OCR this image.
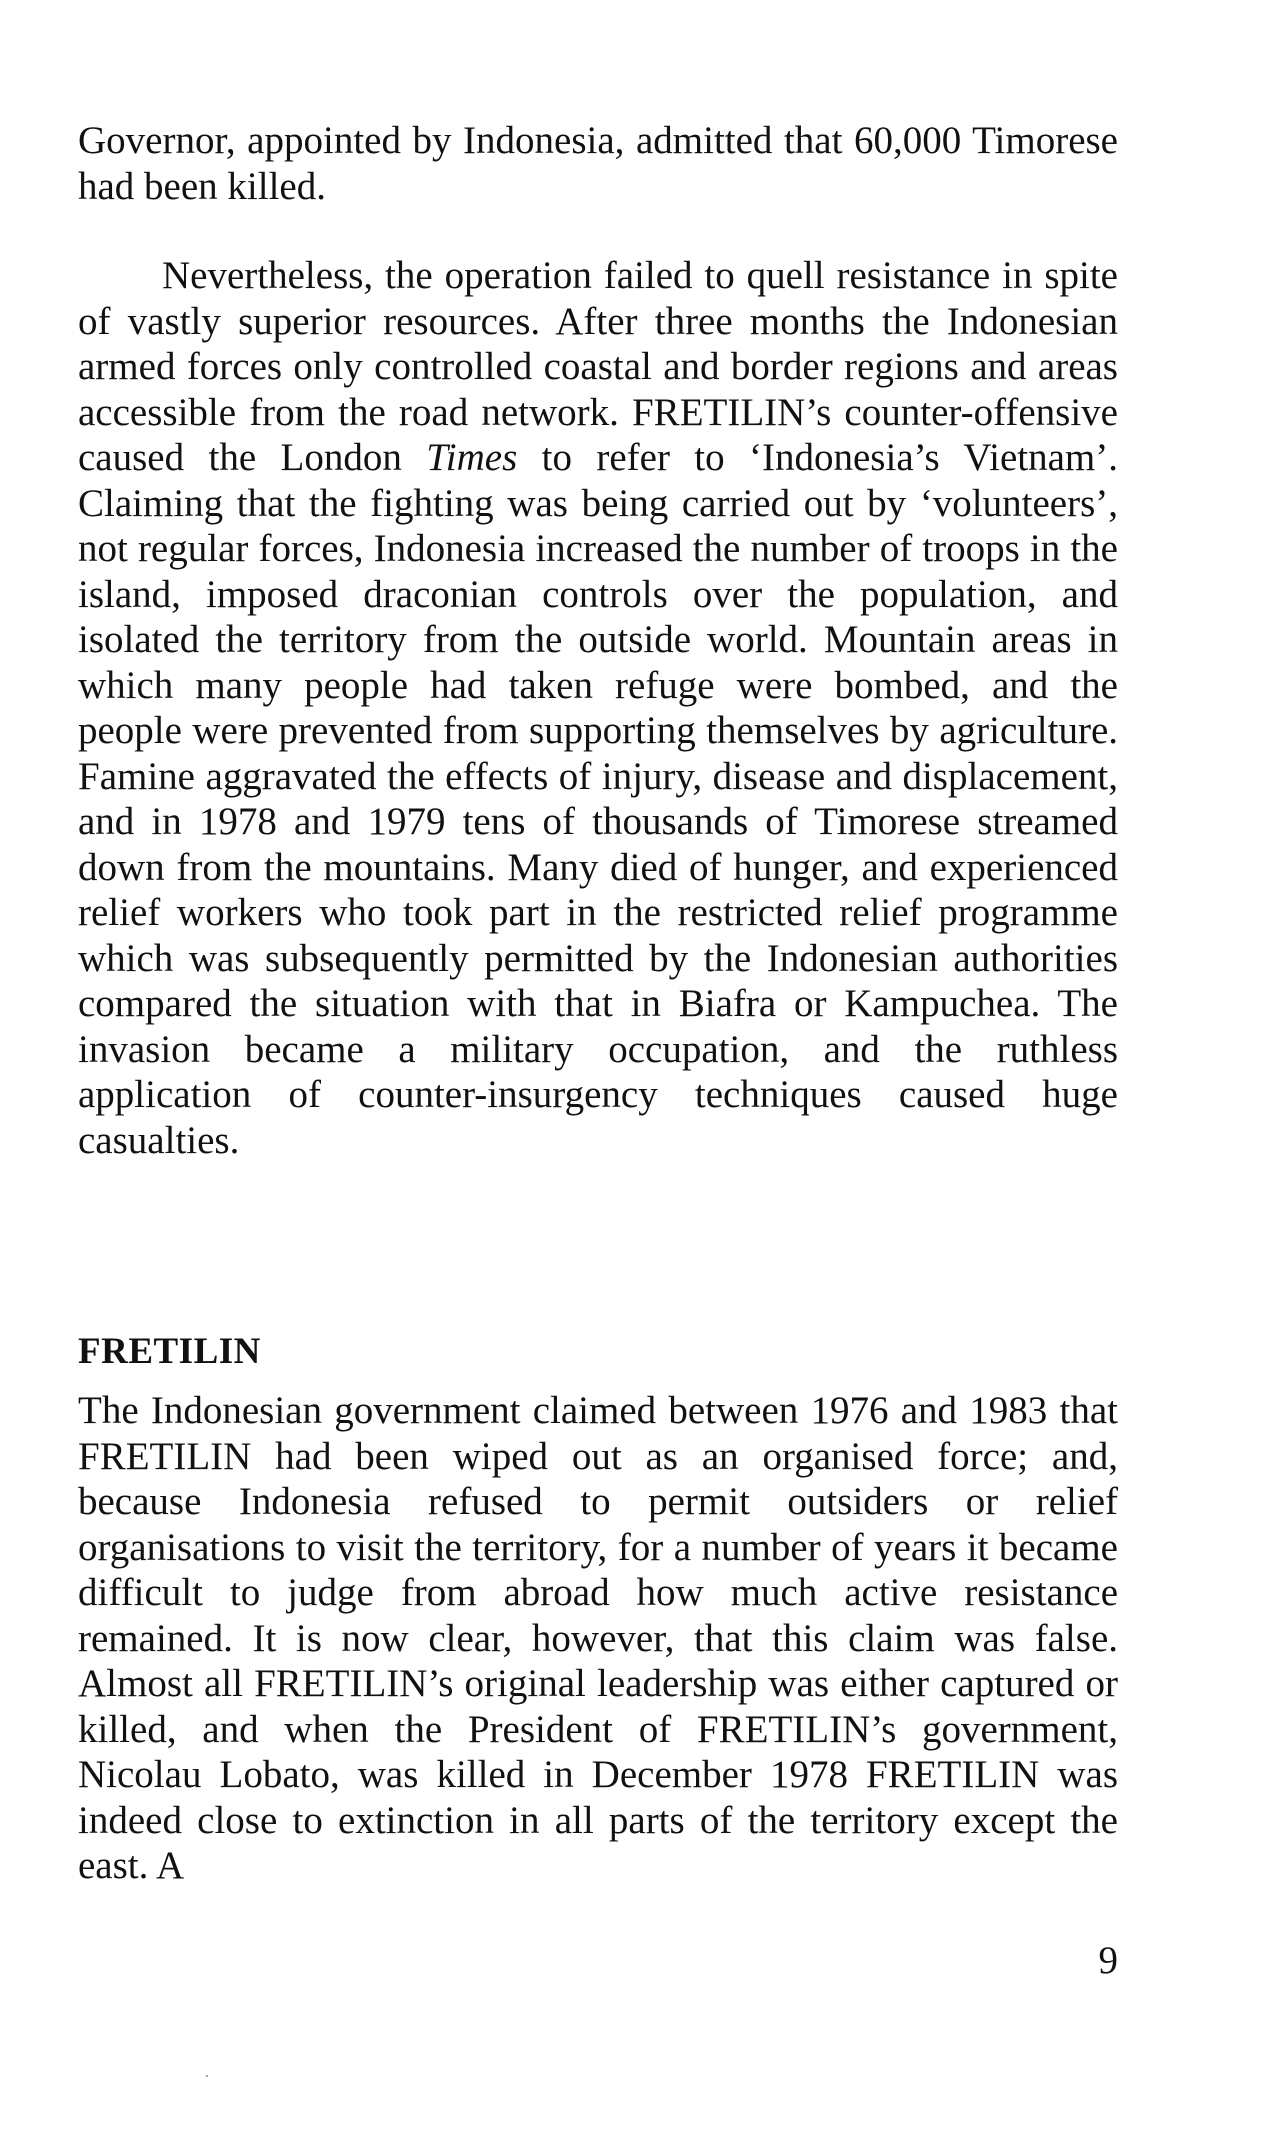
Governor, appointed by Indonesia, admitted that 60,000 Timorese had been killed.

Nevertheless, the operation failed to quell resistance in spite of vastly superior resources. After three months the Indonesian armed forces only controlled coastal and border regions and areas accessible from the road network. FRETILIN’s counter-offensive caused the London Times to refer to ‘Indonesia’s Vietnam’. Claiming that the fighting was being carried out by ‘volunteers’, not regular forces, Indonesia increased the number of troops in the island, imposed draconian controls over the population, and isolated the territory from the outside world. Mountain areas in which many people had taken refuge were bombed, and the people were prevented from supporting themselves by agriculture. Famine aggravated the effects of injury, disease and displacement, and in 1978 and 1979 tens of thousands of Timorese streamed down from the mountains. Many died of hunger, and experienced relief workers who took part in the restricted relief programme which was subsequently permitted by the Indonesian authorities compared the situation with that in Biafra or Kampuchea. The invasion became a military occupation, and the ruthless application of counter-insurgency techniques caused huge casualties.

FRETILIN

The Indonesian government claimed between 1976 and 1983 that FRETILIN had been wiped out as an organised force; and, because Indonesia refused to permit outsiders or relief organisations to visit the territory, for a number of years it became difficult to judge from abroad how much active resistance remained. It is now clear, however, that this claim was false. Almost all FRETILIN’s original leadership was either captured or killed, and when the President of FRETILIN’s government, Nicolau Lobato, was killed in December 1978 FRETILIN was indeed close to extinction in all parts of the territory except the east. A

9
